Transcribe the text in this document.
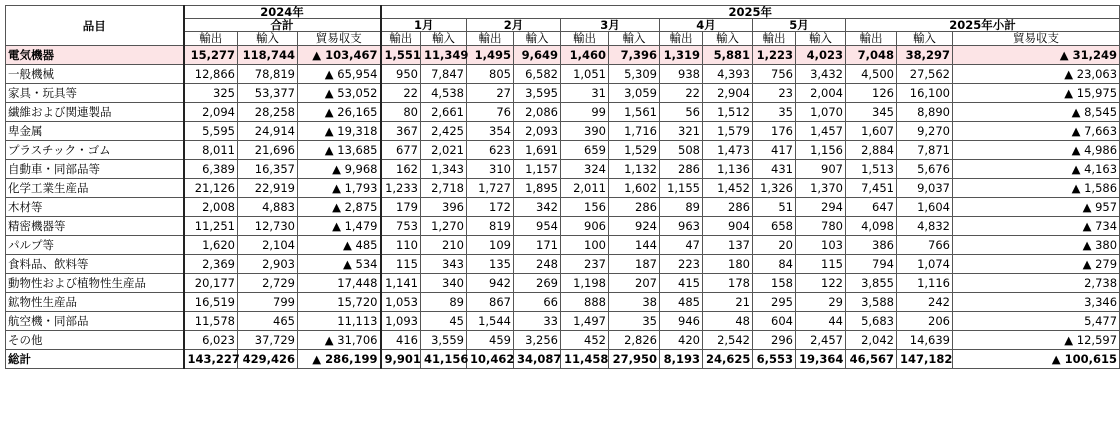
品目	2024年			2025年												
	合計			1月		2月		3月		4月		5月		2025年小計		
	輸出	輸入	貿易収支	輸出	輸入	輸出	輸入	輸出	輸入	輸出	輸入	輸出	輸入	輸出	輸入	貿易収支
電気機器	15,277	118,744	▲ 103,467	1,551	11,349	1,495	9,649	1,460	7,396	1,319	5,881	1,223	4,023	7,048	38,297	▲ 31,249
一般機械	12,866	78,819	▲ 65,954	950	7,847	805	6,582	1,051	5,309	938	4,393	756	3,432	4,500	27,562	▲ 23,063
家具・玩具等	325	53,377	▲ 53,052	22	4,538	27	3,595	31	3,059	22	2,904	23	2,004	126	16,100	▲ 15,975
繊維および関連製品	2,094	28,258	▲ 26,165	80	2,661	76	2,086	99	1,561	56	1,512	35	1,070	345	8,890	▲ 8,545
卑金属	5,595	24,914	▲ 19,318	367	2,425	354	2,093	390	1,716	321	1,579	176	1,457	1,607	9,270	▲ 7,663
プラスチック・ゴム	8,011	21,696	▲ 13,685	677	2,021	623	1,691	659	1,529	508	1,473	417	1,156	2,884	7,871	▲ 4,986
自動車・同部品等	6,389	16,357	▲ 9,968	162	1,343	310	1,157	324	1,132	286	1,136	431	907	1,513	5,676	▲ 4,163
化学工業生産品	21,126	22,919	▲ 1,793	1,233	2,718	1,727	1,895	2,011	1,602	1,155	1,452	1,326	1,370	7,451	9,037	▲ 1,586
木材等	2,008	4,883	▲ 2,875	179	396	172	342	156	286	89	286	51	294	647	1,604	▲ 957
精密機器等	11,251	12,730	▲ 1,479	753	1,270	819	954	906	924	963	904	658	780	4,098	4,832	▲ 734
パルプ等	1,620	2,104	▲ 485	110	210	109	171	100	144	47	137	20	103	386	766	▲ 380
食料品、飲料等	2,369	2,903	▲ 534	115	343	135	248	237	187	223	180	84	115	794	1,074	▲ 279
動物性および植物性生産品	20,177	2,729	17,448	1,141	340	942	269	1,198	207	415	178	158	122	3,855	1,116	2,738
鉱物性生産品	16,519	799	15,720	1,053	89	867	66	888	38	485	21	295	29	3,588	242	3,346
航空機・同部品	11,578	465	11,113	1,093	45	1,544	33	1,497	35	946	48	604	44	5,683	206	5,477
その他	6,023	37,729	▲ 31,706	416	3,559	459	3,256	452	2,826	420	2,542	296	2,457	2,042	14,639	▲ 12,597
総計	143,227	429,426	▲ 286,199	9,901	41,156	10,462	34,087	11,458	27,950	8,193	24,625	6,553	19,364	46,567	147,182	▲ 100,615
